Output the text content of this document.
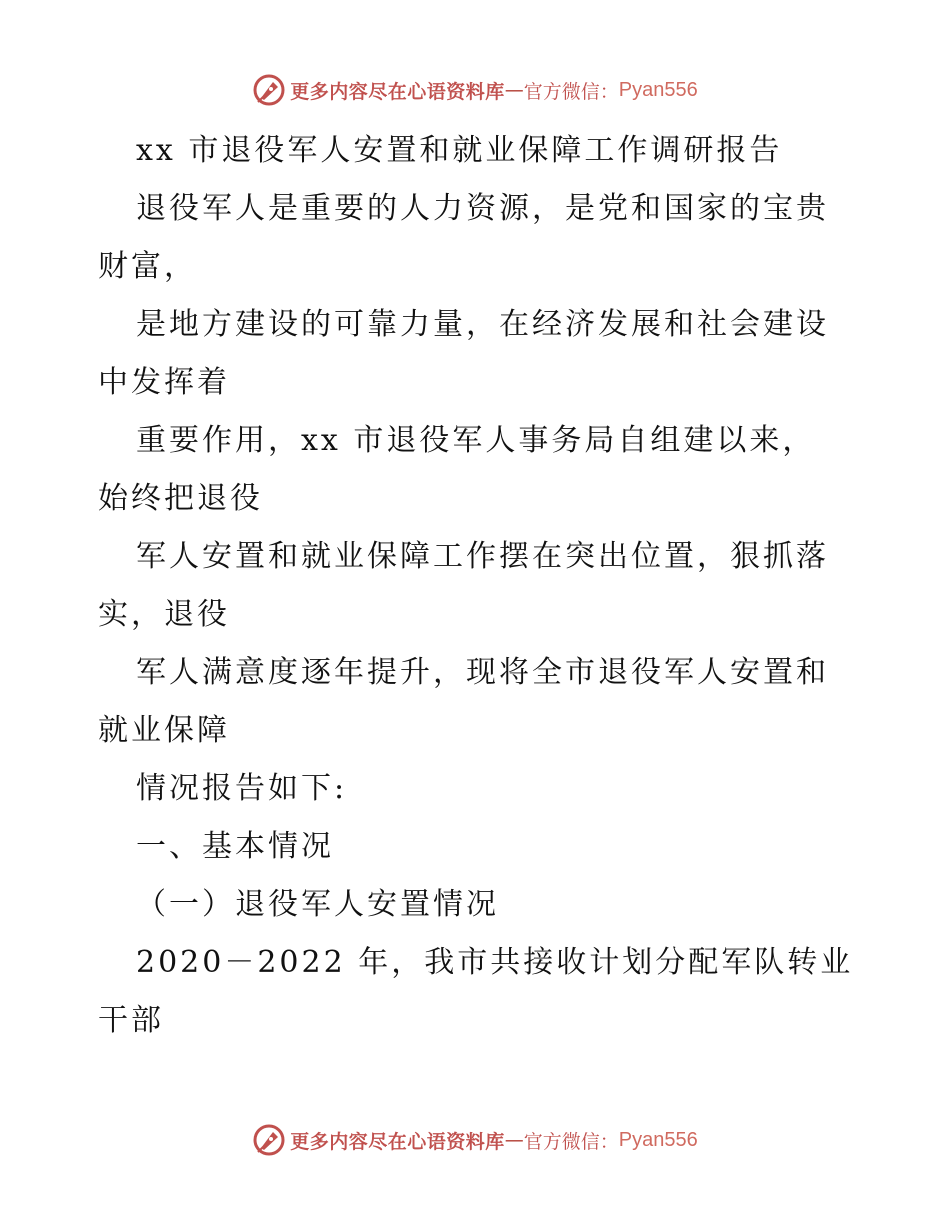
更多内容尽在心语资料库 — 官方微信： Pyan556
xx 市退役军人安置和就业保障工作调研报告
退役军人是重要的人力资源，是党和国家的宝贵
财富，
是地方建设的可靠力量，在经济发展和社会建设
中发挥着
重要作用，xx 市退役军人事务局自组建以来，
始终把退役
军人安置和就业保障工作摆在突出位置，狠抓落
实，退役
军人满意度逐年提升，现将全市退役军人安置和
就业保障
情况报告如下:
一、基本情况
（一）退役军人安置情况
2020－2022 年，我市共接收计划分配军队转业
干部
更多内容尽在心语资料库 — 官方微信： Pyan556
